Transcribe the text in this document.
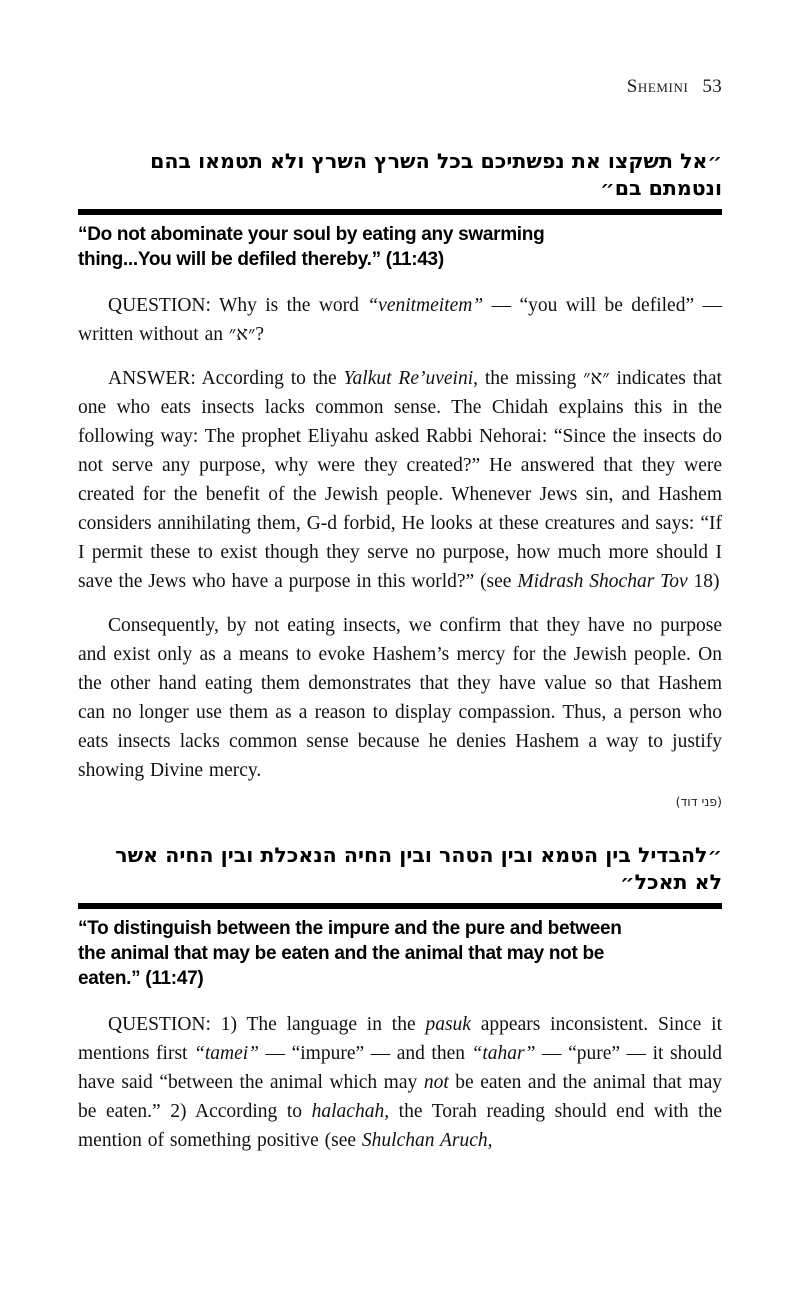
Shemini 53
״אל תשקצו את נפשתיכם בכל השרץ השרץ ולא תטמאו בהם
ונטמתם בם״
“Do not abominate your soul by eating any swarming
thing...You will be defiled thereby.” (11:43)

QUESTION: Why is the word “venitmeitem” — “you will be defiled” — written without an ״א״?

ANSWER: According to the Yalkut Re’uveini, the missing ״א״ indicates that one who eats insects lacks common sense. The Chidah explains this in the following way: The prophet Eliyahu asked Rabbi Nehorai: “Since the insects do not serve any purpose, why were they created?” He answered that they were created for the benefit of the Jewish people. Whenever Jews sin, and Hashem considers annihilating them, G-d forbid, He looks at these creatures and says: “If I permit these to exist though they serve no purpose, how much more should I save the Jews who have a purpose in this world?” (see Midrash Shochar Tov 18)

Consequently, by not eating insects, we confirm that they have no purpose and exist only as a means to evoke Hashem’s mercy for the Jewish people. On the other hand eating them demonstrates that they have value so that Hashem can no longer use them as a reason to display compassion. Thus, a person who eats insects lacks common sense because he denies Hashem a way to justify showing Divine mercy.

(פני דוד)
״להבדיל בין הטמא ובין הטהר ובין החיה הנאכלת ובין החיה אשר
לא תאכל״
“To distinguish between the impure and the pure and between
the animal that may be eaten and the animal that may not be
eaten.” (11:47)

QUESTION: 1) The language in the pasuk appears inconsistent. Since it mentions first “tamei” — “impure” — and then “tahar” — “pure” — it should have said “between the animal which may not be eaten and the animal that may be eaten.” 2) According to halachah, the Torah reading should end with the mention of something positive (see Shulchan Aruch,
